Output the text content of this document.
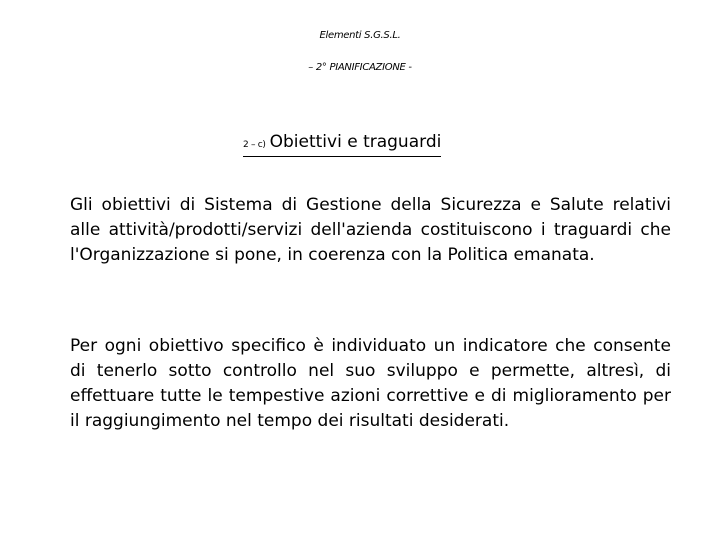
Elementi S.G.S.L.
– 2° PIANIFICAZIONE -
2 – c) Obiettivi e traguardi

Gli obiettivi di Sistema di Gestione della Sicurezza e Salute relativi alle attività/prodotti/servizi dell'azienda costituiscono i traguardi che l'Organizzazione si pone, in coerenza con la Politica emanata.

Per ogni obiettivo specifico è individuato un indicatore che consente di tenerlo sotto controllo nel suo sviluppo e permette, altresì, di effettuare tutte le tempestive azioni correttive e di miglioramento per il raggiungimento nel tempo dei risultati desiderati.
